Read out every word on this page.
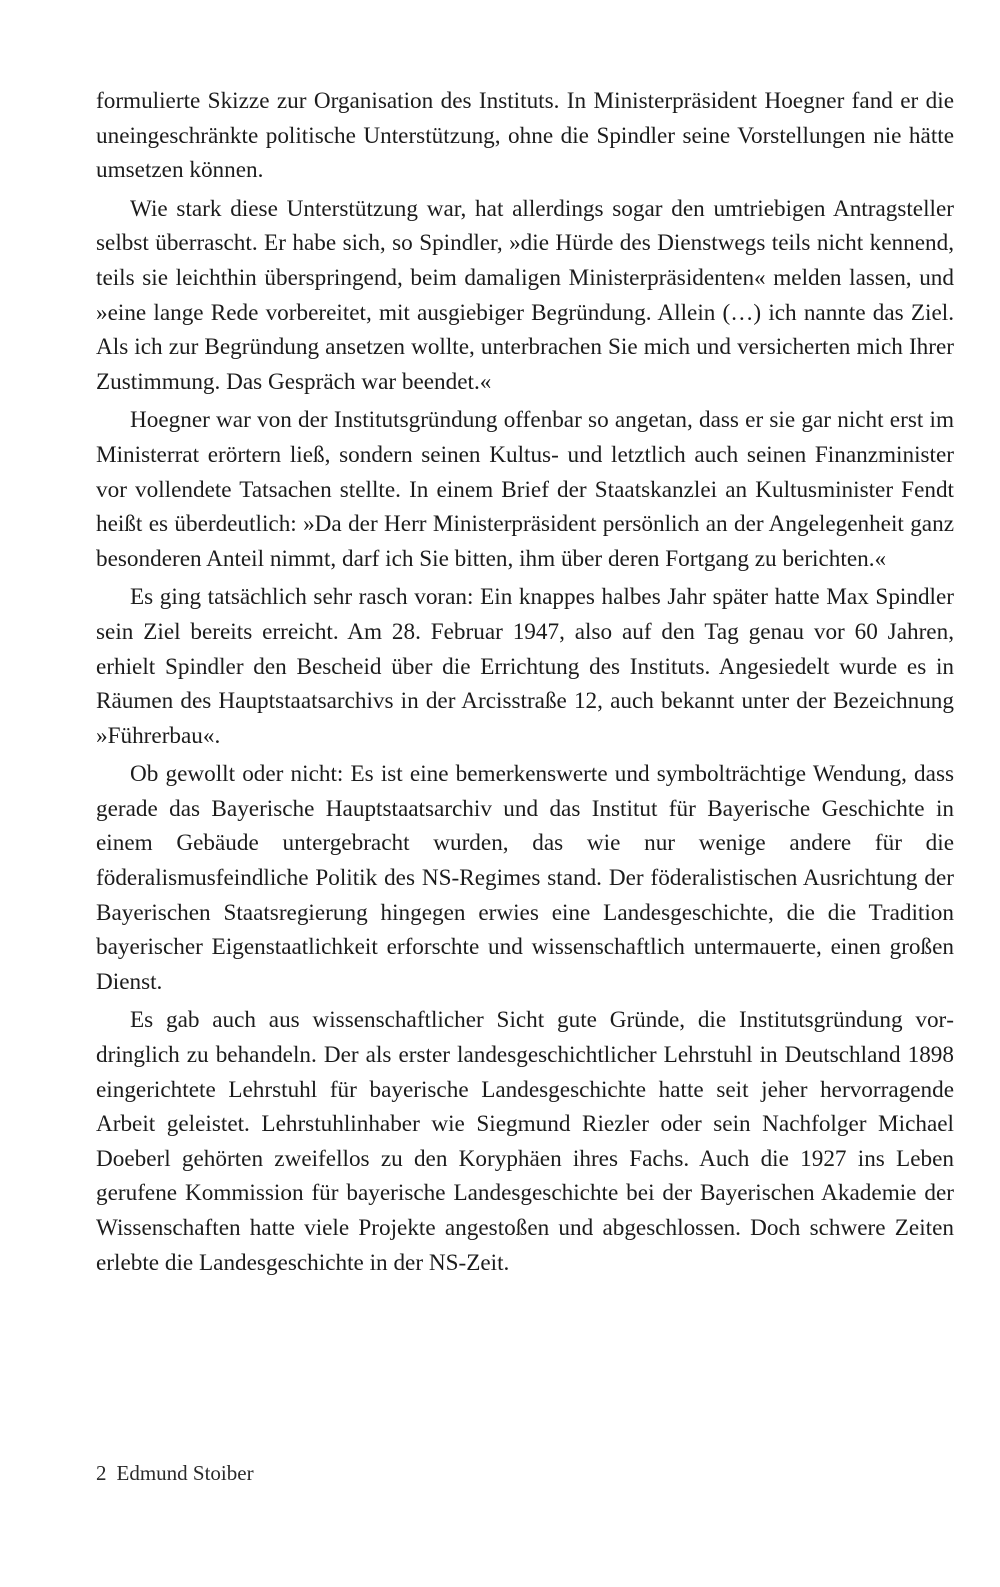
formulierte Skizze zur Organisation des Instituts. In Ministerpräsident Hoegner fand er die uneingeschränkte politische Unterstützung, ohne die Spindler seine Vorstellungen nie hätte umsetzen können.

Wie stark diese Unterstützung war, hat allerdings sogar den umtriebigen Antragsteller selbst überrascht. Er habe sich, so Spindler, »die Hürde des Dienstwegs teils nicht kennend, teils sie leichthin überspringend, beim damaligen Ministerpräsidenten« melden lassen, und »eine lange Rede vorbereitet, mit ausgiebiger Begründung. Allein (…) ich nannte das Ziel. Als ich zur Begründung ansetzen wollte, unterbrachen Sie mich und versicherten mich Ihrer Zustimmung. Das Gespräch war beendet.«

Hoegner war von der Institutsgründung offenbar so angetan, dass er sie gar nicht erst im Ministerrat erörtern ließ, sondern seinen Kultus- und letztlich auch seinen Finanzminister vor vollendete Tatsachen stellte. In einem Brief der Staatskanzlei an Kultusminister Fendt heißt es überdeutlich: »Da der Herr Ministerpräsident persönlich an der Angelegenheit ganz besonderen Anteil nimmt, darf ich Sie bitten, ihm über deren Fortgang zu berichten.«

Es ging tatsächlich sehr rasch voran: Ein knappes halbes Jahr später hatte Max Spindler sein Ziel bereits erreicht. Am 28. Februar 1947, also auf den Tag genau vor 60 Jahren, erhielt Spindler den Bescheid über die Errichtung des Instituts. Angesiedelt wurde es in Räumen des Hauptstaatsarchivs in der Arcisstraße 12, auch bekannt unter der Bezeichnung »Führerbau«.

Ob gewollt oder nicht: Es ist eine bemerkenswerte und symbolträchtige Wendung, dass gerade das Bayerische Hauptstaatsarchiv und das Institut für Bayerische Geschichte in einem Gebäude untergebracht wurden, das wie nur wenige andere für die föderalismusfeindliche Politik des NS-Regimes stand. Der föderalistischen Ausrichtung der Bayerischen Staatsregierung hingegen erwies eine Landesgeschichte, die die Tradition bayerischer Eigenstaatlichkeit erforschte und wissenschaftlich untermauerte, einen großen Dienst.

Es gab auch aus wissenschaftlicher Sicht gute Gründe, die Institutsgründung vordringlich zu behandeln. Der als erster landesgeschichtlicher Lehrstuhl in Deutschland 1898 eingerichtete Lehrstuhl für bayerische Landesgeschichte hatte seit jeher hervorragende Arbeit geleistet. Lehrstuhlinhaber wie Siegmund Riezler oder sein Nachfolger Michael Doeberl gehörten zweifellos zu den Koryphäen ihres Fachs. Auch die 1927 ins Leben gerufene Kommission für bayerische Landesgeschichte bei der Bayerischen Akademie der Wissenschaften hatte viele Projekte angestoßen und abgeschlossen. Doch schwere Zeiten erlebte die Landesgeschichte in der NS-Zeit.

2 Edmund Stoiber
